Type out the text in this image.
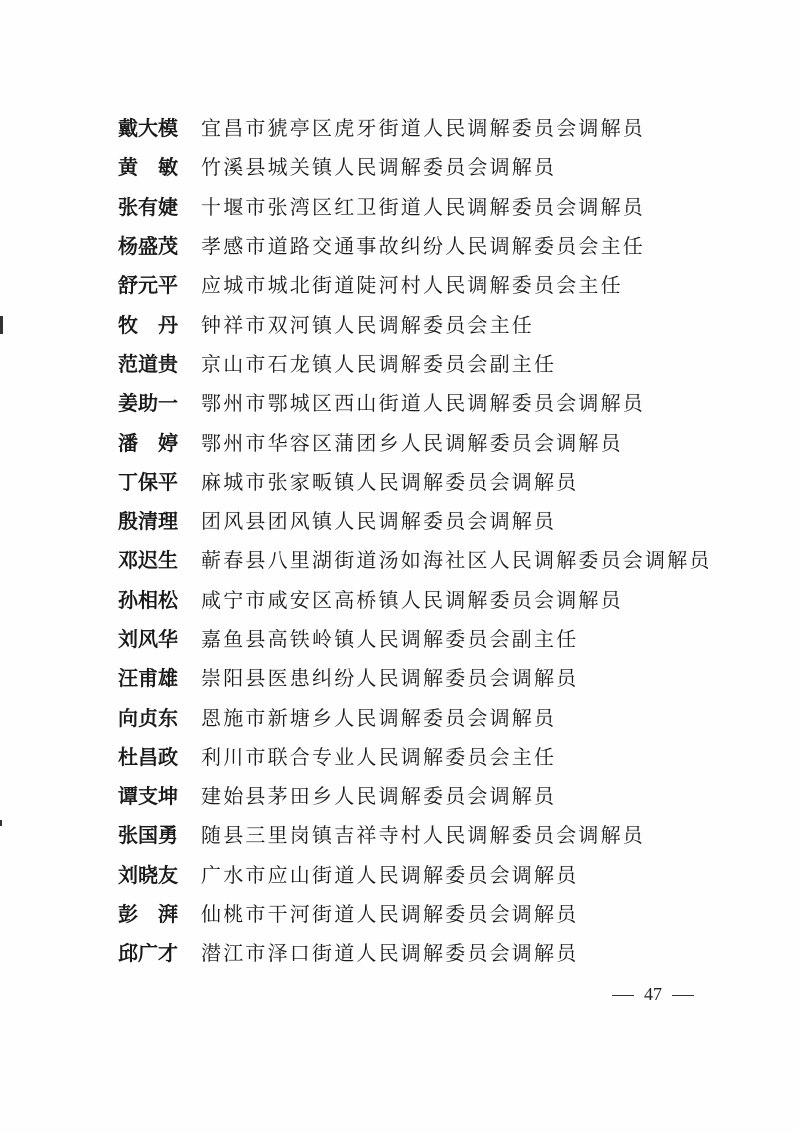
戴大模 宜昌市猇亭区虎牙街道人民调解委员会调解员
黄敏 竹溪县城关镇人民调解委员会调解员
张有婕 十堰市张湾区红卫街道人民调解委员会调解员
杨盛茂 孝感市道路交通事故纠纷人民调解委员会主任
舒元平 应城市城北街道陡河村人民调解委员会主任
牧丹 钟祥市双河镇人民调解委员会主任
范道贵 京山市石龙镇人民调解委员会副主任
姜助一 鄂州市鄂城区西山街道人民调解委员会调解员
潘婷 鄂州市华容区蒲团乡人民调解委员会调解员
丁保平 麻城市张家畈镇人民调解委员会调解员
殷清理 团风县团风镇人民调解委员会调解员
邓迟生 蕲春县八里湖街道汤如海社区人民调解委员会调解员
孙相松 咸宁市咸安区高桥镇人民调解委员会调解员
刘风华 嘉鱼县高铁岭镇人民调解委员会副主任
汪甫雄 崇阳县医患纠纷人民调解委员会调解员
向贞东 恩施市新塘乡人民调解委员会调解员
杜昌政 利川市联合专业人民调解委员会主任
谭支坤 建始县茅田乡人民调解委员会调解员
张国勇 随县三里岗镇吉祥寺村人民调解委员会调解员
刘晓友 广水市应山街道人民调解委员会调解员
彭湃 仙桃市干河街道人民调解委员会调解员
邱广才 潜江市泽口街道人民调解委员会调解员
47
